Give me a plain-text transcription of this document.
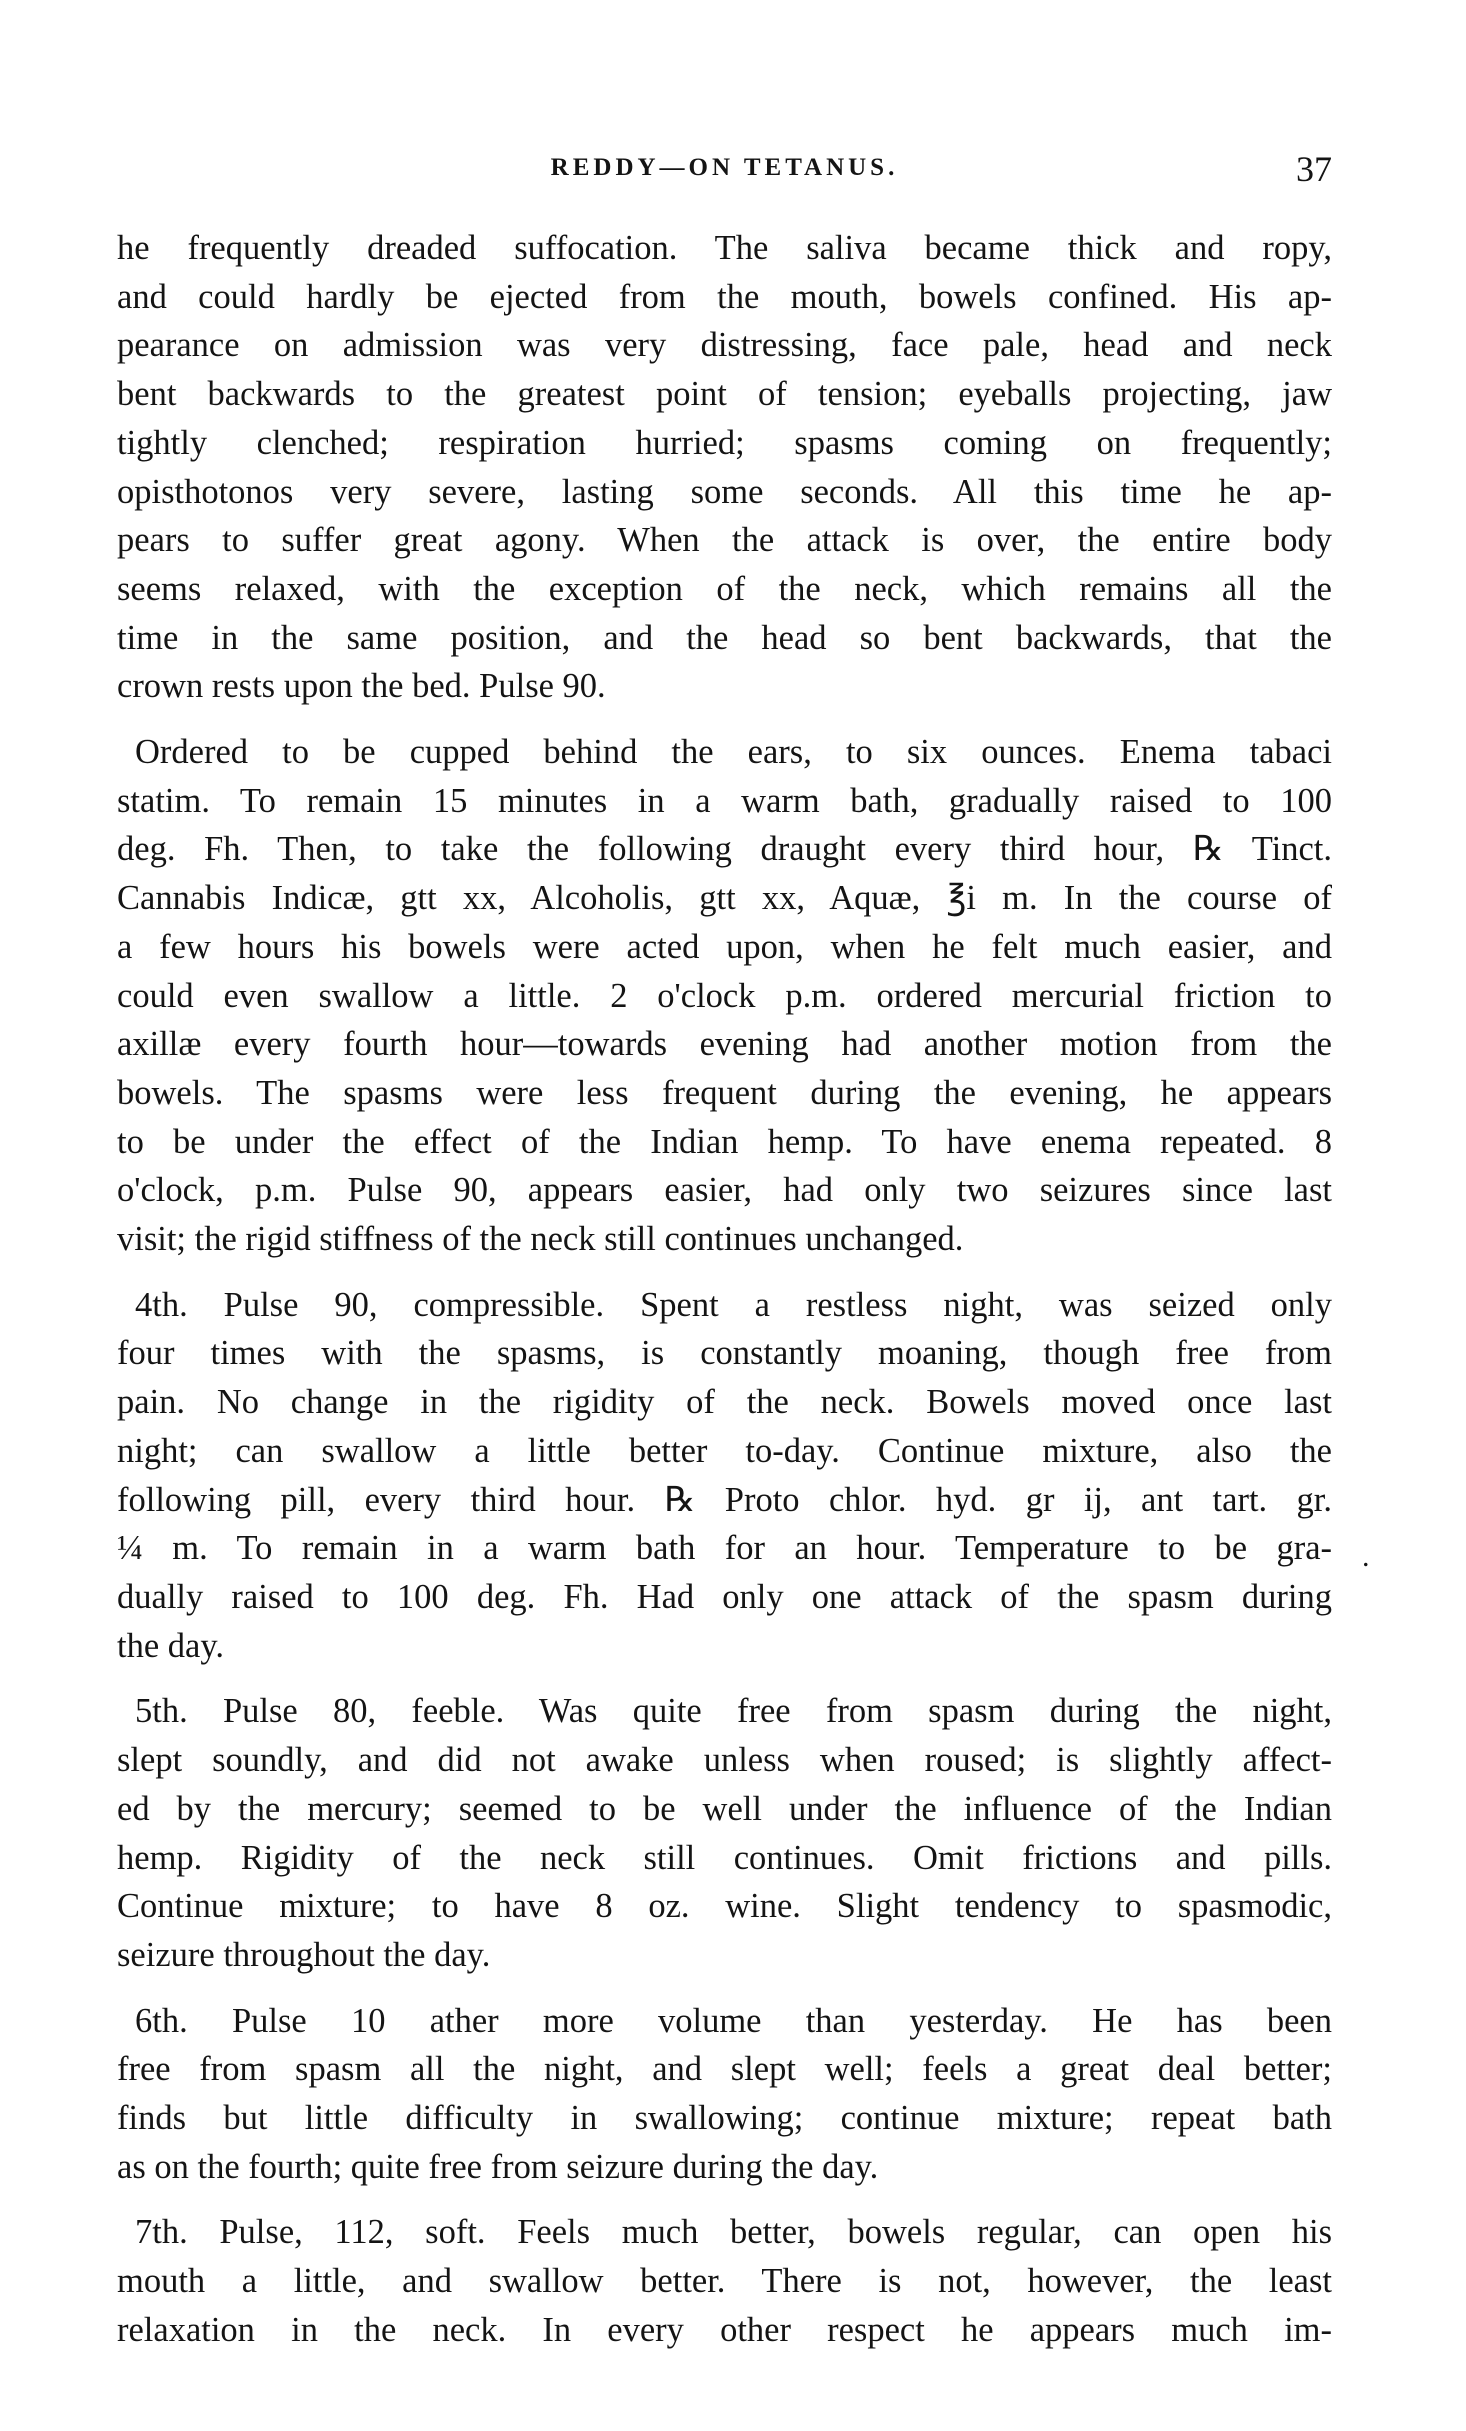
REDDY—ON TETANUS.	37
he frequently dreaded suffocation. The saliva became thick and ropy,
and could hardly be ejected from the mouth, bowels confined. His ap-
pearance on admission was very distressing, face pale, head and neck
bent backwards to the greatest point of tension; eyeballs projecting, jaw
tightly clenched; respiration hurried; spasms coming on frequently;
opisthotonos very severe, lasting some seconds. All this time he ap-
pears to suffer great agony. When the attack is over, the entire body
seems relaxed, with the exception of the neck, which remains all the
time in the same position, and the head so bent backwards, that the
crown rests upon the bed. Pulse 90.
Ordered to be cupped behind the ears, to six ounces. Enema tabaci
statim. To remain 15 minutes in a warm bath, gradually raised to 100
deg. Fh. Then, to take the following draught every third hour, ℞ Tinct.
Cannabis Indicæ, gtt xx, Alcoholis, gtt xx, Aquæ, ℥i m. In the course of
a few hours his bowels were acted upon, when he felt much easier, and
could even swallow a little. 2 o'clock p.m. ordered mercurial friction to
axillæ every fourth hour—towards evening had another motion from the
bowels. The spasms were less frequent during the evening, he appears
to be under the effect of the Indian hemp. To have enema repeated. 8
o'clock, p.m. Pulse 90, appears easier, had only two seizures since last
visit; the rigid stiffness of the neck still continues unchanged.
4th. Pulse 90, compressible. Spent a restless night, was seized only
four times with the spasms, is constantly moaning, though free from
pain. No change in the rigidity of the neck. Bowels moved once last
night; can swallow a little better to-day. Continue mixture, also the
following pill, every third hour. ℞ Proto chlor. hyd. gr ij, ant tart. gr.
¼ m. To remain in a warm bath for an hour. Temperature to be gra-
dually raised to 100 deg. Fh. Had only one attack of the spasm during
the day.
5th. Pulse 80, feeble. Was quite free from spasm during the night,
slept soundly, and did not awake unless when roused; is slightly affect-
ed by the mercury; seemed to be well under the influence of the Indian
hemp. Rigidity of the neck still continues. Omit frictions and pills.
Continue mixture; to have 8 oz. wine. Slight tendency to spasmodic,
seizure throughout the day.
6th. Pulse 10 ather more volume than yesterday. He has been
free from spasm all the night, and slept well; feels a great deal better;
finds but little difficulty in swallowing; continue mixture; repeat bath
as on the fourth; quite free from seizure during the day.
7th. Pulse, 112, soft. Feels much better, bowels regular, can open his
mouth a little, and swallow better. There is not, however, the least
relaxation in the neck. In every other respect he appears much im-
.
